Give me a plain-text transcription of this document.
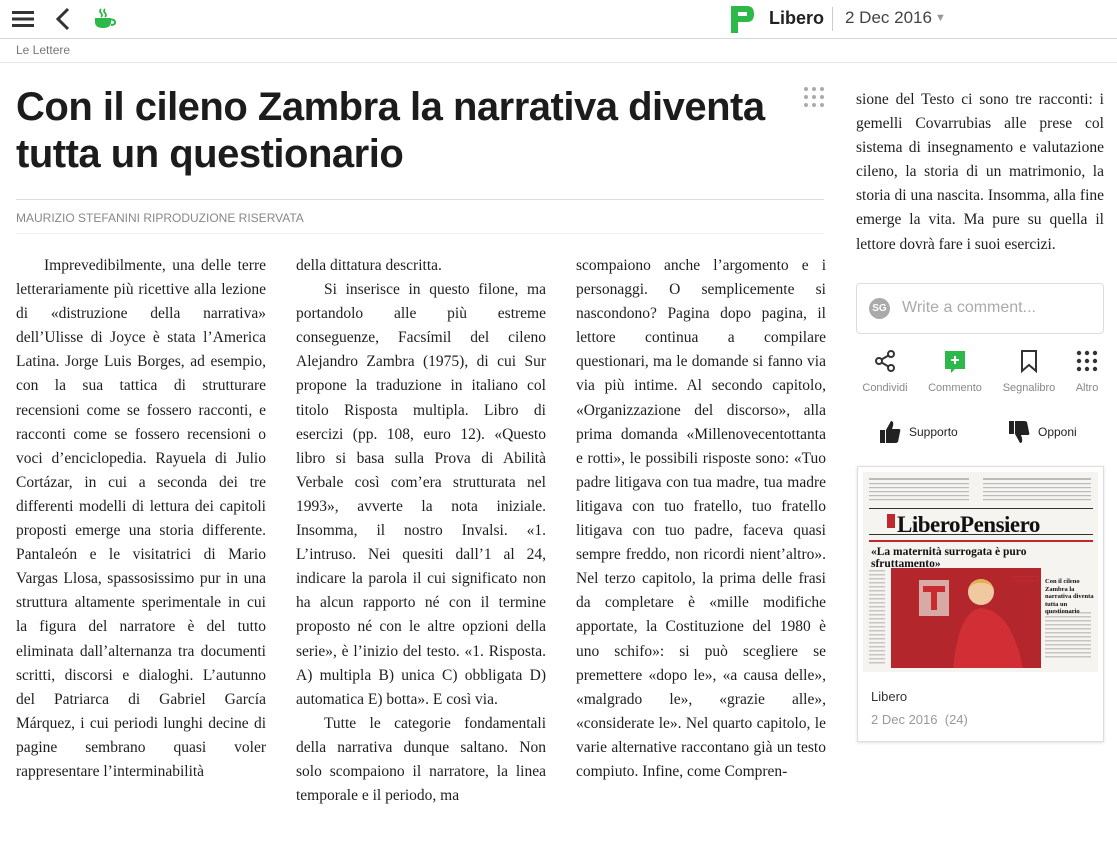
Libero 2 Dec 2016 ▼
Le Lettere
Con il cileno Zambra la narrativa diventa tutta un questionario
MAURIZIO STEFANINI RIPRODUZIONE RISERVATA

Imprevedibilmente, una delle terre letterariamente più ricettive alla lezione di «distruzione della narrativa» dell’Ulisse di Joyce è stata l’America Latina. Jorge Luis Borges, ad esempio, con la sua tattica di strutturare recensioni come se fossero racconti, e racconti come se fossero recensioni o voci d’enciclopedia. Rayuela di Julio Cortázar, in cui a seconda dei tre differenti modelli di lettura dei capitoli proposti emerge una storia differente. Pantaleón e le visitatrici di Mario Vargas Llosa, spassosissimo pur in una struttura altamente sperimentale in cui la figura del narratore è del tutto eliminata dall’alternanza tra documenti scritti, discorsi e dialoghi. L’autunno del Patriarca di Gabriel García Márquez, i cui periodi lunghi decine di pagine sembrano quasi voler rappresentare l’interminabilità

della dittatura descritta.

Si inserisce in questo filone, ma portandolo alle più estreme conseguenze, Facsímil del cileno Alejandro Zambra (1975), di cui Sur propone la traduzione in italiano col titolo Risposta multipla. Libro di esercizi (pp. 108, euro 12). «Questo libro si basa sulla Prova di Abilità Verbale così com’era strutturata nel 1993», avverte la nota iniziale. Insomma, il nostro Invalsi. «1. L’intruso. Nei quesiti dall’1 al 24, indicare la parola il cui significato non ha alcun rapporto né con il termine proposto né con le altre opzioni della serie», è l’inizio del testo. «1. Risposta. A) multipla B) unica C) obbligata D) automatica E) botta». E così via.

Tutte le categorie fondamentali della narrativa dunque saltano. Non solo scompaiono il narratore, la linea temporale e il periodo, ma

scompaiono anche l’argomento e i personaggi. O semplicemente si nascondono? Pagina dopo pagina, il lettore continua a compilare questionari, ma le domande si fanno via via più intime. Al secondo capitolo, «Organizzazione del discorso», alla prima domanda «Millenovecentottanta e rotti», le possibili risposte sono: «Tuo padre litigava con tua madre, tua madre litigava con tuo fratello, tuo fratello litigava con tuo padre, faceva quasi sempre freddo, non ricordi nient’altro». Nel terzo capitolo, la prima delle frasi da completare è «mille modifiche apportate, la Costituzione del 1980 è uno schifo»: si può scegliere se premettere «dopo le», «a causa delle», «malgrado le», «grazie alle», «considerate le». Nel quarto capitolo, le varie alternative raccontano già un testo compiuto. Infine, come Compren-

sione del Testo ci sono tre racconti: i gemelli Covarrubias alle prese col sistema di insegnamento e valutazione cileno, la storia di un matrimonio, la storia di una nascita. Insomma, alla fine emerge la vita. Ma pure su quella il lettore dovrà fare i suoi esercizi.

SG Write a comment...
Condividi	Commento	Segnalibro	Altro
Supporto	Opponi
LiberoPensiero
«La maternità surrogata è puro sfruttamento»
Con il cileno Zambra la narrativa diventa tutta un questionario
Libero
2 Dec 2016 (24)
